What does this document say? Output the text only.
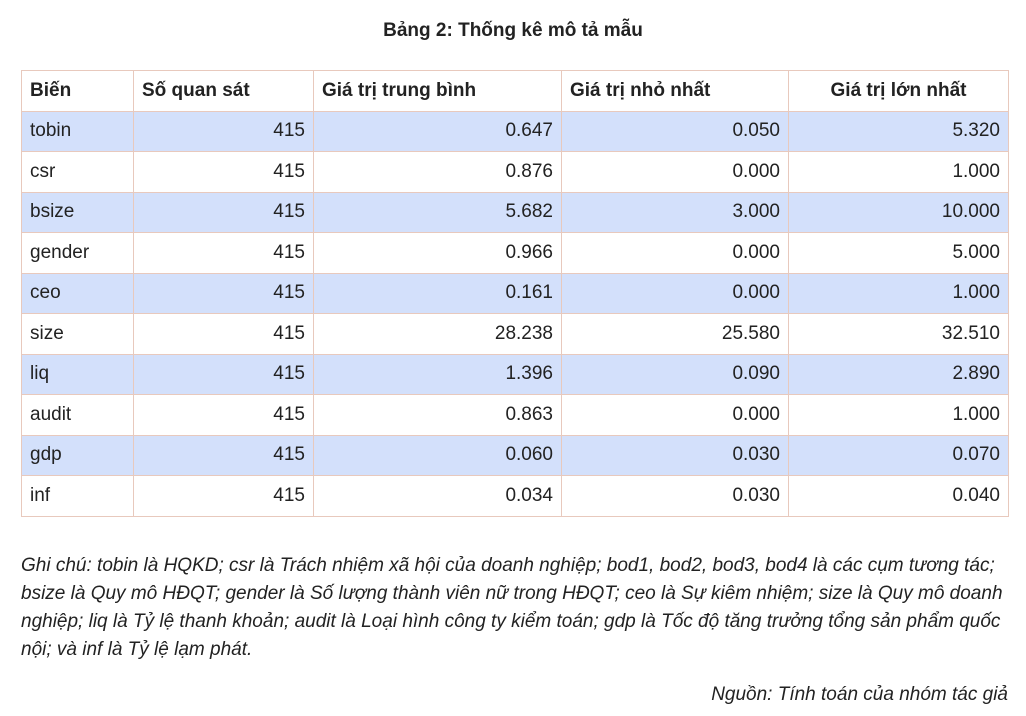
Bảng 2: Thống kê mô tả mẫu
Biến	Số quan sát	Giá trị trung bình	Giá trị nhỏ nhất	Giá trị lớn nhất
tobin	415	0.647	0.050	5.320
csr	415	0.876	0.000	1.000
bsize	415	5.682	3.000	10.000
gender	415	0.966	0.000	5.000
ceo	415	0.161	0.000	1.000
size	415	28.238	25.580	32.510
liq	415	1.396	0.090	2.890
audit	415	0.863	0.000	1.000
gdp	415	0.060	0.030	0.070
inf	415	0.034	0.030	0.040
Ghi chú: tobin là HQKD; csr là Trách nhiệm xã hội của doanh nghiệp; bod1, bod2, bod3, bod4 là các cụm tương tác; bsize là Quy mô HĐQT; gender là Số lượng thành viên nữ trong HĐQT; ceo là Sự kiêm nhiệm; size là Quy mô doanh nghiệp; liq là Tỷ lệ thanh khoản; audit là Loại hình công ty kiểm toán; gdp là Tốc độ tăng trưởng tổng sản phẩm quốc nội; và inf là Tỷ lệ lạm phát.
Nguồn: Tính toán của nhóm tác giả
